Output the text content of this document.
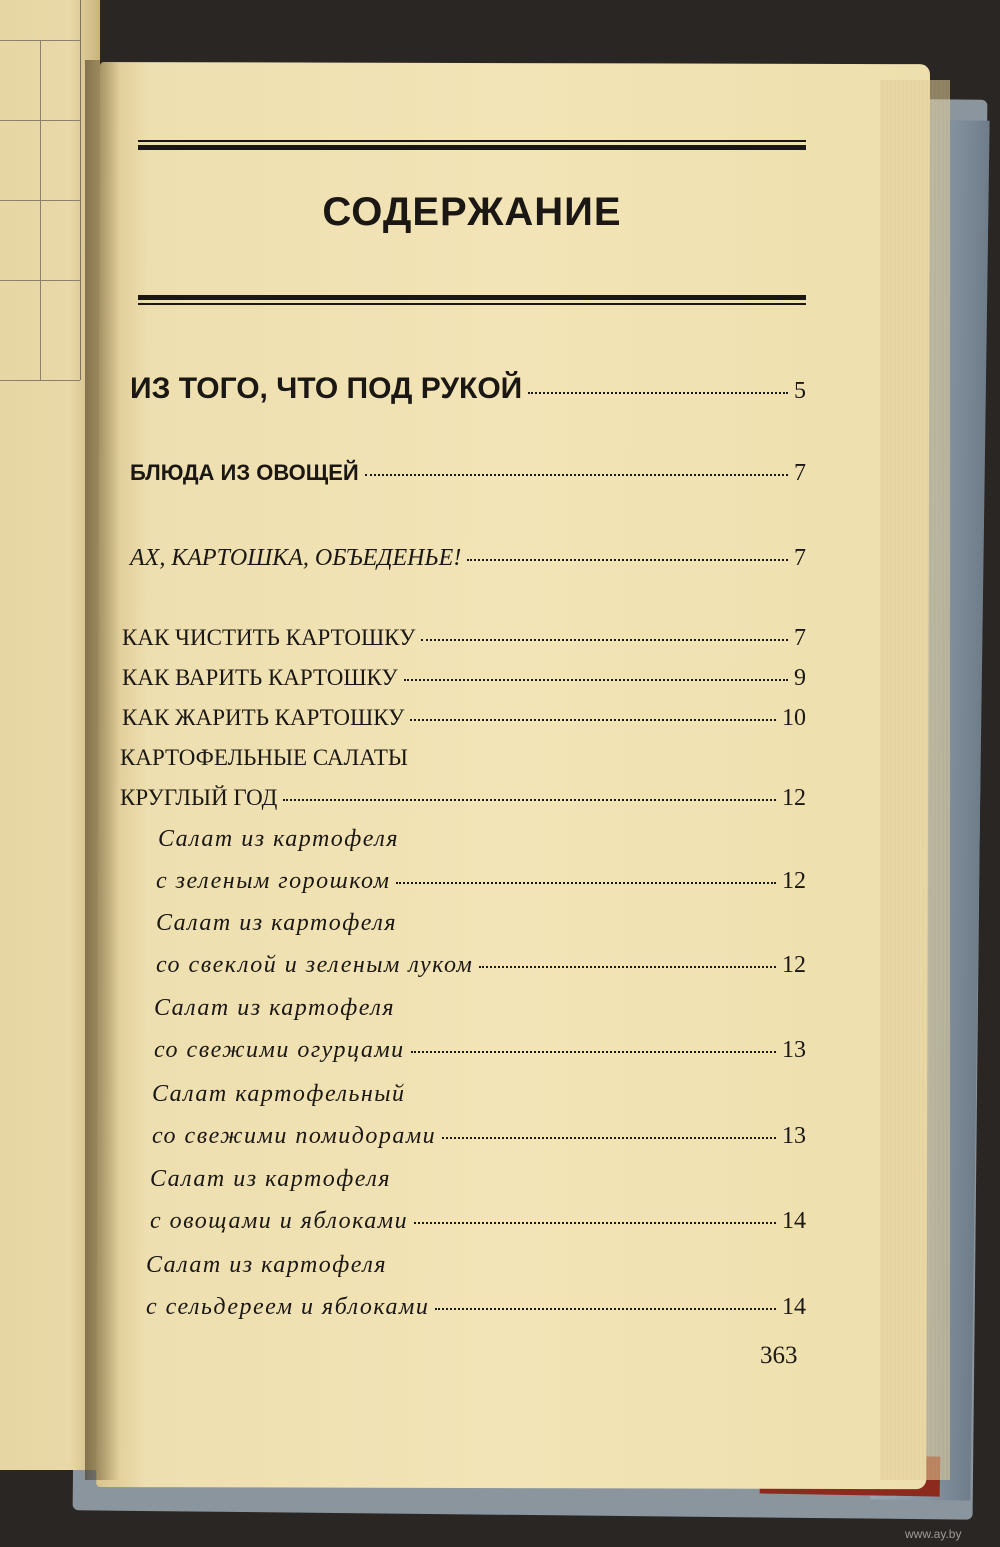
СОДЕРЖАНИЕ
ИЗ ТОГО, ЧТО ПОД РУКОЙ	5
БЛЮДА ИЗ ОВОЩЕЙ	7
АХ, КАРТОШКА, ОБЪЕДЕНЬЕ!	7
КАК ЧИСТИТЬ КАРТОШКУ	7
КАК ВАРИТЬ КАРТОШКУ	9
КАК ЖАРИТЬ КАРТОШКУ	10
КАРТОФЕЛЬНЫЕ САЛАТЫ
КРУГЛЫЙ ГОД	12
Салат из картофеля
с зеленым горошком	12
Салат из картофеля
со свеклой и зеленым луком	12
Салат из картофеля
со свежими огурцами	13
Салат картофельный
со свежими помидорами	13
Салат из картофеля
с овощами и яблоками	14
Салат из картофеля
с сельдереем и яблоками	14
363
www.ay.by
